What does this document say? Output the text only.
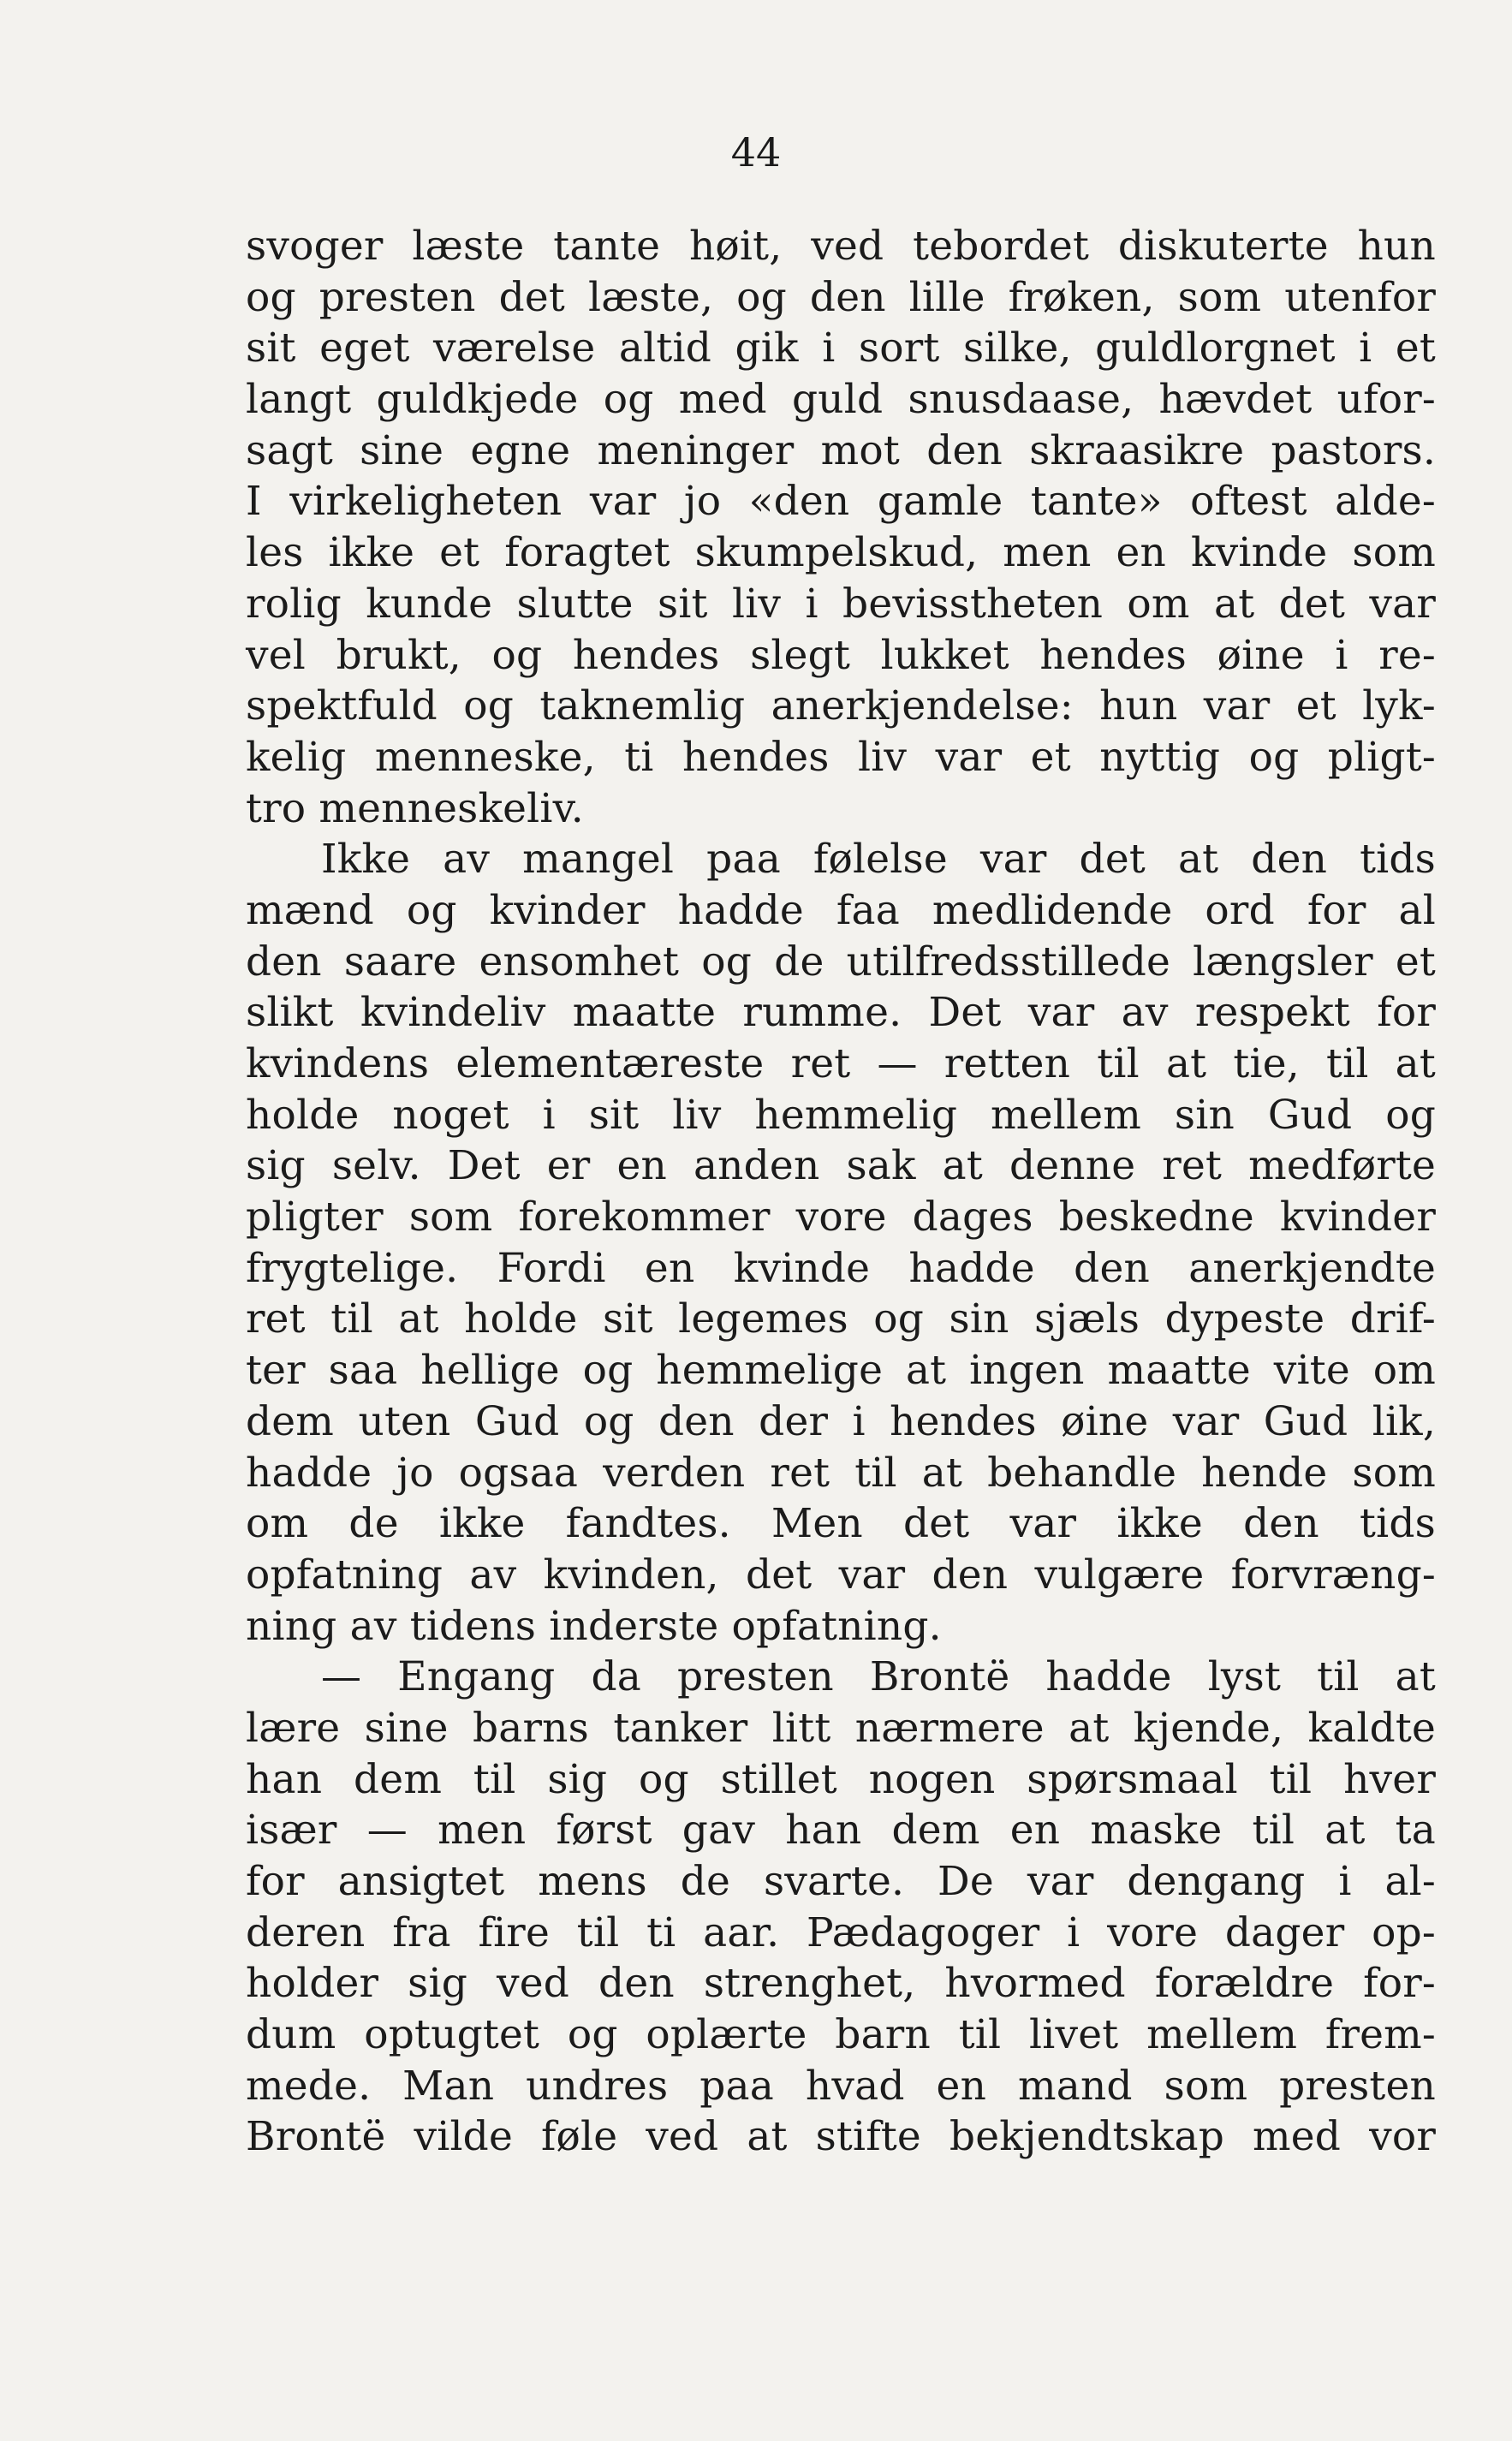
44
svoger læste tante høit, ved tebordet diskuterte hun
og presten det læste, og den lille frøken, som utenfor
sit eget værelse altid gik i sort silke, guldlorgnet i et
langt guldkjede og med guld snusdaase, hævdet ufor-
sagt sine egne meninger mot den skraasikre pastors.
I virkeligheten var jo «den gamle tante» oftest alde-
les ikke et foragtet skumpelskud, men en kvinde som
rolig kunde slutte sit liv i bevisstheten om at det var
vel brukt, og hendes slegt lukket hendes øine i re-
spektfuld og taknemlig anerkjendelse: hun var et lyk-
kelig menneske, ti hendes liv var et nyttig og pligt-
tro menneskeliv.
Ikke av mangel paa følelse var det at den tids
mænd og kvinder hadde faa medlidende ord for al
den saare ensomhet og de utilfredsstillede længsler et
slikt kvindeliv maatte rumme. Det var av respekt for
kvindens elementæreste ret — retten til at tie, til at
holde noget i sit liv hemmelig mellem sin Gud og
sig selv. Det er en anden sak at denne ret medførte
pligter som forekommer vore dages beskedne kvinder
frygtelige. Fordi en kvinde hadde den anerkjendte
ret til at holde sit legemes og sin sjæls dypeste drif-
ter saa hellige og hemmelige at ingen maatte vite om
dem uten Gud og den der i hendes øine var Gud lik,
hadde jo ogsaa verden ret til at behandle hende som
om de ikke fandtes. Men det var ikke den tids
opfatning av kvinden, det var den vulgære forvræng-
ning av tidens inderste opfatning.
— Engang da presten Brontë hadde lyst til at
lære sine barns tanker litt nærmere at kjende, kaldte
han dem til sig og stillet nogen spørsmaal til hver
især — men først gav han dem en maske til at ta
for ansigtet mens de svarte. De var dengang i al-
deren fra fire til ti aar. Pædagoger i vore dager op-
holder sig ved den strenghet, hvormed forældre for-
dum optugtet og oplærte barn til livet mellem frem-
mede. Man undres paa hvad en mand som presten
Brontë vilde føle ved at stifte bekjendtskap med vor
